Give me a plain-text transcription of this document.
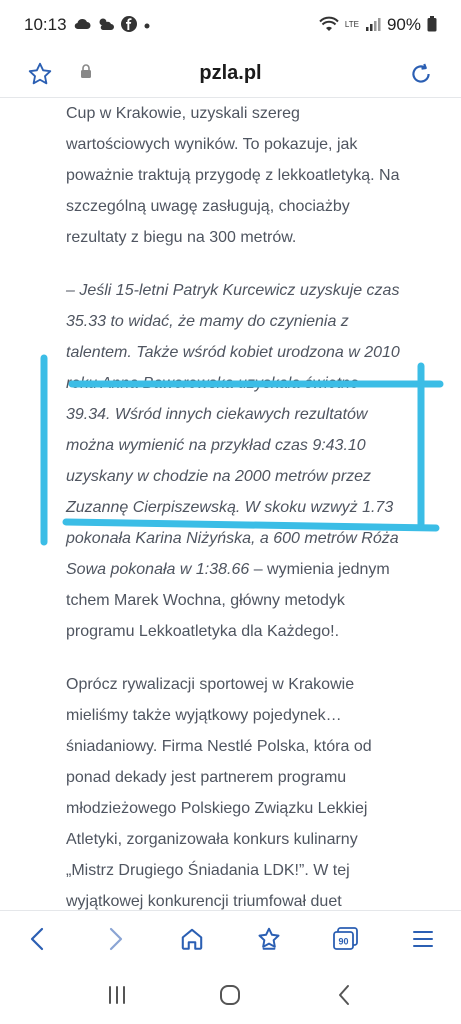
10:13	LTE 90%
pzla.pl

Cup w Krakowie, uzyskali szereg wartościowych wyników. To pokazuje, jak poważnie traktują przygodę z lekkoatletyką. Na szczególną uwagę zasługują, chociażby rezultaty z biegu na 300 metrów.

– Jeśli 15-letni Patryk Kurcewicz uzyskuje czas 35.33 to widać, że mamy do czynienia z talentem. Także wśród kobiet urodzona w 2010 roku Anna Baworowska uzyskała świetne 39.34. Wśród innych ciekawych rezultatów można wymienić na przykład czas 9:43.10 uzyskany w chodzie na 2000 metrów przez Zuzannę Cierpiszewską. W skoku wzwyż 1.73 pokonała Karina Niżyńska, a 600 metrów Róża Sowa pokonała w 1:38.66 – wymienia jednym tchem Marek Wochna, główny metodyk programu Lekkoatletyka dla Każdego!.

Oprócz rywalizacji sportowej w Krakowie mieliśmy także wyjątkowy pojedynek… śniadaniowy. Firma Nestlé Polska, która od ponad dekady jest partnerem programu młodzieżowego Polskiego Związku Lekkiej Atletyki, zorganizowała konkurs kulinarny „Mistrz Drugiego Śniadania LDK!”. W tej wyjątkowej konkurencji triumfował duet

90
